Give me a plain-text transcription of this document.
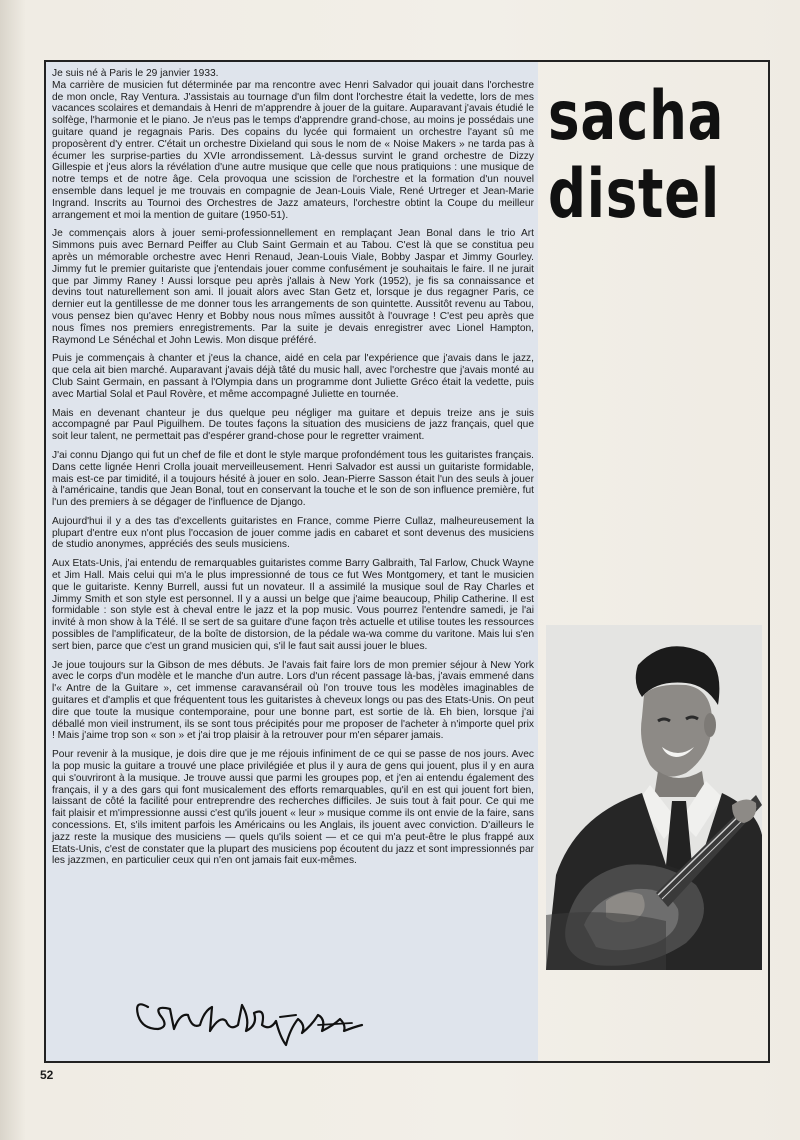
Je suis né à Paris le 29 janvier 1933.
Ma carrière de musicien fut déterminée par ma rencontre avec Henri Salvador qui jouait dans l'orchestre de mon oncle, Ray Ventura. J'assistais au tournage d'un film dont l'orchestre était la vedette, lors de mes vacances scolaires et demandais à Henri de m'apprendre à jouer de la guitare. Auparavant j'avais étudié le solfège, l'harmonie et le piano. Je n'eus pas le temps d'apprendre grand-chose, au moins je possédais une guitare quand je regagnais Paris. Des copains du lycée qui formaient un orchestre l'ayant sû me proposèrent d'y entrer. C'était un orchestre Dixieland qui sous le nom de « Noise Makers » ne tarda pas à écumer les surprise-parties du XVIe arrondissement. Là-dessus survint le grand orchestre de Dizzy Gillespie et j'eus alors la révélation d'une autre musique que celle que nous pratiquions : une musique de notre temps et de notre âge. Cela provoqua une scission de l'orchestre et la formation d'un nouvel ensemble dans lequel je me trouvais en compagnie de Jean-Louis Viale, René Urtreger et Jean-Marie Ingrand. Inscrits au Tournoi des Orchestres de Jazz amateurs, l'orchestre obtint la Coupe du meilleur arrangement et moi la mention de guitare (1950-51).

Je commençais alors à jouer semi-professionnellement en remplaçant Jean Bonal dans le trio Art Simmons puis avec Bernard Peiffer au Club Saint Germain et au Tabou. C'est là que se constitua peu après un mémorable orchestre avec Henri Renaud, Jean-Louis Viale, Bobby Jaspar et Jimmy Gourley. Jimmy fut le premier guitariste que j'entendais jouer comme confusément je souhaitais le faire. Il ne jurait que par Jimmy Raney ! Aussi lorsque peu après j'allais à New York (1952), je fis sa connaissance et devins tout naturellement son ami. Il jouait alors avec Stan Getz et, lorsque je dus regagner Paris, ce dernier eut la gentillesse de me donner tous les arrangements de son quintette. Aussitôt revenu au Tabou, vous pensez bien qu'avec Henry et Bobby nous nous mîmes aussitôt à l'ouvrage ! C'est peu après que nous fîmes nos premiers enregistrements. Par la suite je devais enregistrer avec Lionel Hampton, Raymond Le Sénéchal et John Lewis. Mon disque préféré.

Puis je commençais à chanter et j'eus la chance, aidé en cela par l'expérience que j'avais dans le jazz, que cela ait bien marché. Auparavant j'avais déjà tâté du music hall, avec l'orchestre que j'avais monté au Club Saint Germain, en passant à l'Olympia dans un programme dont Juliette Gréco était la vedette, puis avec Martial Solal et Paul Rovère, et même accompagné Juliette en tournée.

Mais en devenant chanteur je dus quelque peu négliger ma guitare et depuis treize ans je suis accompagné par Paul Piguilhem. De toutes façons la situation des musiciens de jazz français, quel que soit leur talent, ne permettait pas d'espérer grand-chose pour le regretter vraiment.

J'ai connu Django qui fut un chef de file et dont le style marque profondément tous les guitaristes français. Dans cette lignée Henri Crolla jouait merveilleusement. Henri Salvador est aussi un guitariste formidable, mais est-ce par timidité, il a toujours hésité à jouer en solo. Jean-Pierre Sasson était l'un des seuls à jouer à l'américaine, tandis que Jean Bonal, tout en conservant la touche et le son de son influence première, fut l'un des premiers à se dégager de l'influence de Django.

Aujourd'hui il y a des tas d'excellents guitaristes en France, comme Pierre Cullaz, malheureusement la plupart d'entre eux n'ont plus l'occasion de jouer comme jadis en cabaret et sont devenus des musiciens de studio anonymes, appréciés des seuls musiciens.

Aux Etats-Unis, j'ai entendu de remarquables guitaristes comme Barry Galbraith, Tal Farlow, Chuck Wayne et Jim Hall. Mais celui qui m'a le plus impressionné de tous ce fut Wes Montgomery, et tant le musicien que le guitariste. Kenny Burrell, aussi fut un novateur. Il a assimilé la musique soul de Ray Charles et Jimmy Smith et son style est personnel. Il y a aussi un belge que j'aime beaucoup, Philip Catherine. Il est formidable : son style est à cheval entre le jazz et la pop music. Vous pourrez l'entendre samedi, je l'ai invité à mon show à la Télé. Il se sert de sa guitare d'une façon très actuelle et utilise toutes les ressources possibles de l'amplificateur, de la boîte de distorsion, de la pédale wa-wa comme du varitone. Mais lui s'en sert bien, parce que c'est un grand musicien qui, s'il le faut sait aussi jouer le blues.

Je joue toujours sur la Gibson de mes débuts. Je l'avais fait faire lors de mon premier séjour à New York avec le corps d'un modèle et le manche d'un autre. Lors d'un récent passage là-bas, j'avais emmené dans l'« Antre de la Guitare », cet immense caravansérail où l'on trouve tous les modèles imaginables de guitares et d'amplis et que fréquentent tous les guitaristes à cheveux longs ou pas des Etats-Unis. On peut dire que toute la musique contemporaine, pour une bonne part, est sortie de là. Eh bien, lorsque j'ai déballé mon vieil instrument, ils se sont tous précipités pour me proposer de l'acheter à n'importe quel prix ! Mais j'aime trop son « son » et j'ai trop plaisir à la retrouver pour m'en séparer jamais.

Pour revenir à la musique, je dois dire que je me réjouis infiniment de ce qui se passe de nos jours. Avec la pop music la guitare a trouvé une place privilégiée et plus il y aura de gens qui jouent, plus il y en aura qui s'ouvriront à la musique. Je trouve aussi que parmi les groupes pop, et j'en ai entendu également des français, il y a des gars qui font musicalement des efforts remarquables, qu'il en est qui jouent fort bien, laissant de côté la facilité pour entreprendre des recherches difficiles. Je suis tout à fait pour. Ce qui me fait plaisir et m'impressionne aussi c'est qu'ils jouent « leur » musique comme ils ont envie de la faire, sans concessions. Et, s'ils imitent parfois les Américains ou les Anglais, ils jouent avec conviction. D'ailleurs le jazz reste la musique des musiciens — quels qu'ils soient — et ce qui m'a peut-être le plus frappé aux Etats-Unis, c'est de constater que la plupart des musiciens pop écoutent du jazz et sont impressionnés par les jazzmen, en particulier ceux qui n'en ont jamais fait eux-mêmes.

sacha
distel
52
